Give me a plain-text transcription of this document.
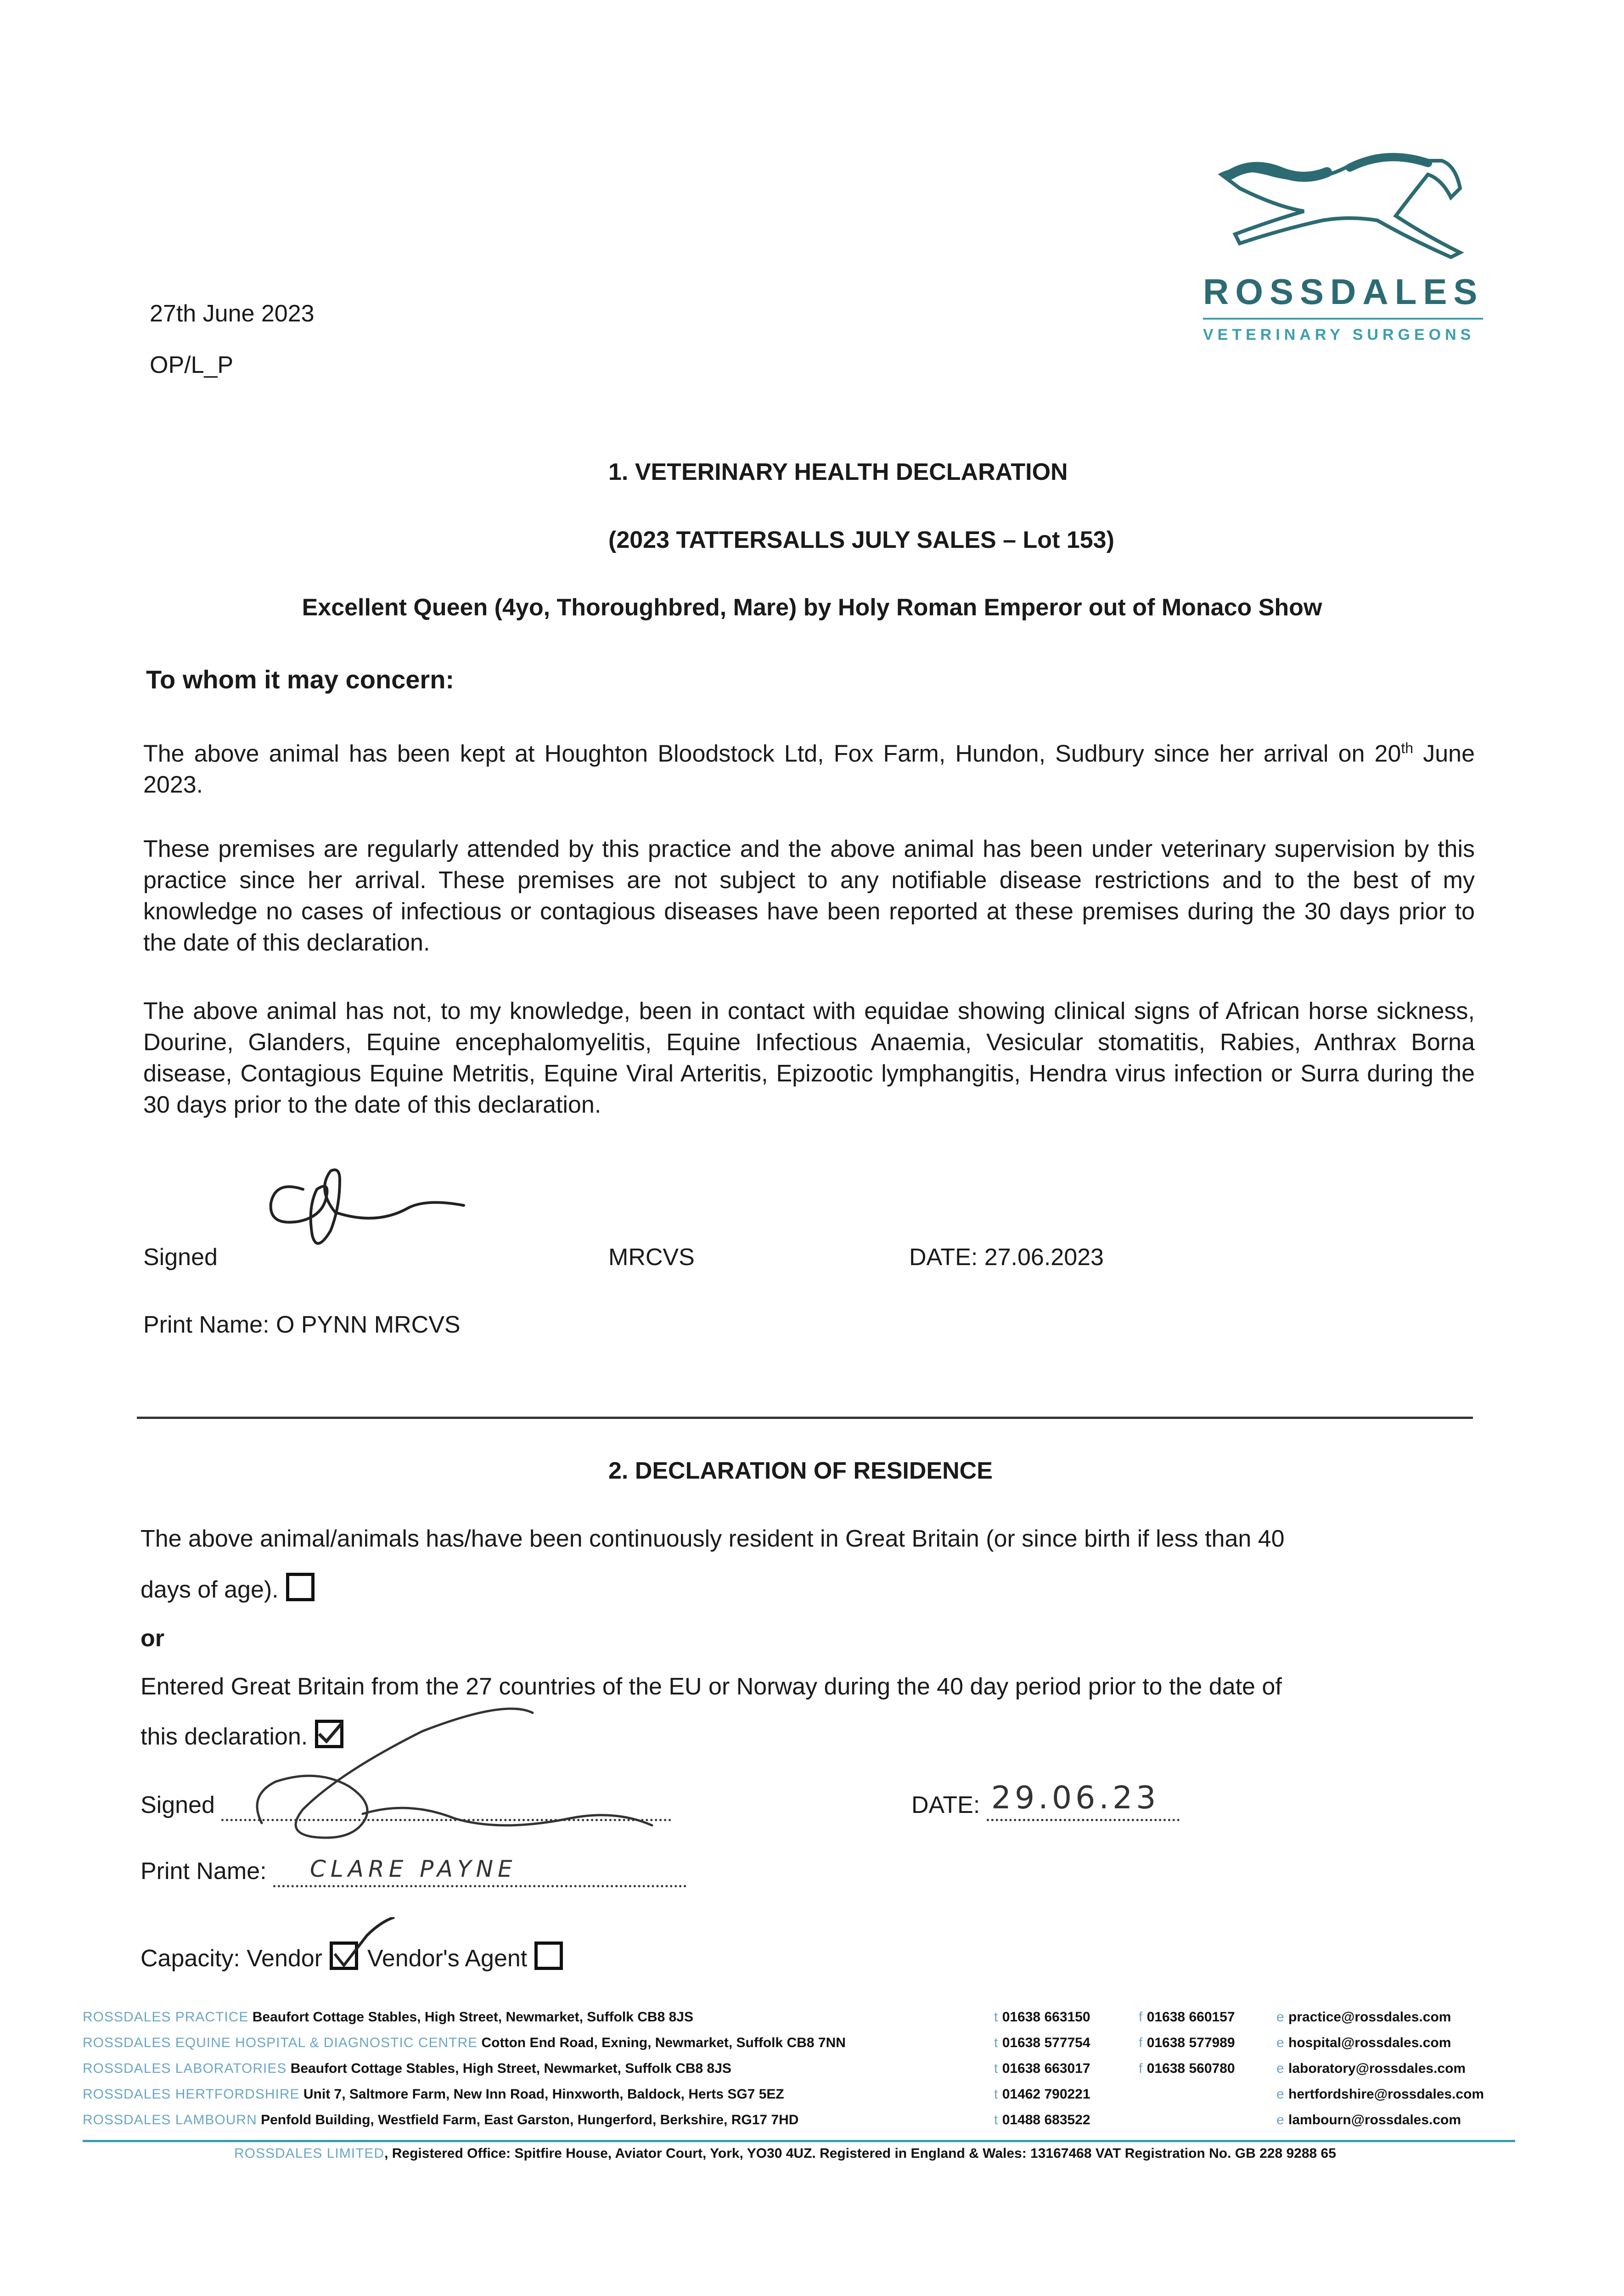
27th June 2023
OP/L_P
ROSSDALES
VETERINARY SURGEONS
1. VETERINARY HEALTH DECLARATION
(2023 TATTERSALLS JULY SALES – Lot 153)
Excellent Queen (4yo, Thoroughbred, Mare) by Holy Roman Emperor out of Monaco Show
To whom it may concern:
The above animal has been kept at Houghton Bloodstock Ltd, Fox Farm, Hundon, Sudbury since her arrival on 20th June 2023.
These premises are regularly attended by this practice and the above animal has been under veterinary supervision by this practice since her arrival. These premises are not subject to any notifiable disease restrictions and to the best of my knowledge no cases of infectious or contagious diseases have been reported at these premises during the 30 days prior to the date of this declaration.
The above animal has not, to my knowledge, been in contact with equidae showing clinical signs of African horse sickness, Dourine, Glanders, Equine encephalomyelitis, Equine Infectious Anaemia, Vesicular stomatitis, Rabies, Anthrax Borna disease, Contagious Equine Metritis, Equine Viral Arteritis, Epizootic lymphangitis, Hendra virus infection or Surra during the 30 days prior to the date of this declaration.
Signed	MRCVS	DATE: 27.06.2023
Print Name: O PYNN MRCVS
2. DECLARATION OF RESIDENCE
The above animal/animals has/have been continuously resident in Great Britain (or since birth if less than 40
days of age).
or
Entered Great Britain from the 27 countries of the EU or Norway during the 40 day period prior to the date of
this declaration.
Signed	DATE: 29.06.23
Print Name: CLARE PAYNE
Capacity: Vendor Vendor's Agent
ROSSDALES PRACTICE Beaufort Cottage Stables, High Street, Newmarket, Suffolk CB8 8JS	t 01638 663150	f 01638 660157	e practice@rossdales.com
ROSSDALES EQUINE HOSPITAL & DIAGNOSTIC CENTRE Cotton End Road, Exning, Newmarket, Suffolk CB8 7NN	t 01638 577754	f 01638 577989	e hospital@rossdales.com
ROSSDALES LABORATORIES Beaufort Cottage Stables, High Street, Newmarket, Suffolk CB8 8JS	t 01638 663017	f 01638 560780	e laboratory@rossdales.com
ROSSDALES HERTFORDSHIRE Unit 7, Saltmore Farm, New Inn Road, Hinxworth, Baldock, Herts SG7 5EZ	t 01462 790221	e hertfordshire@rossdales.com
ROSSDALES LAMBOURN Penfold Building, Westfield Farm, East Garston, Hungerford, Berkshire, RG17 7HD	t 01488 683522	e lambourn@rossdales.com
ROSSDALES LIMITED, Registered Office: Spitfire House, Aviator Court, York, YO30 4UZ. Registered in England & Wales: 13167468 VAT Registration No. GB 228 9288 65
